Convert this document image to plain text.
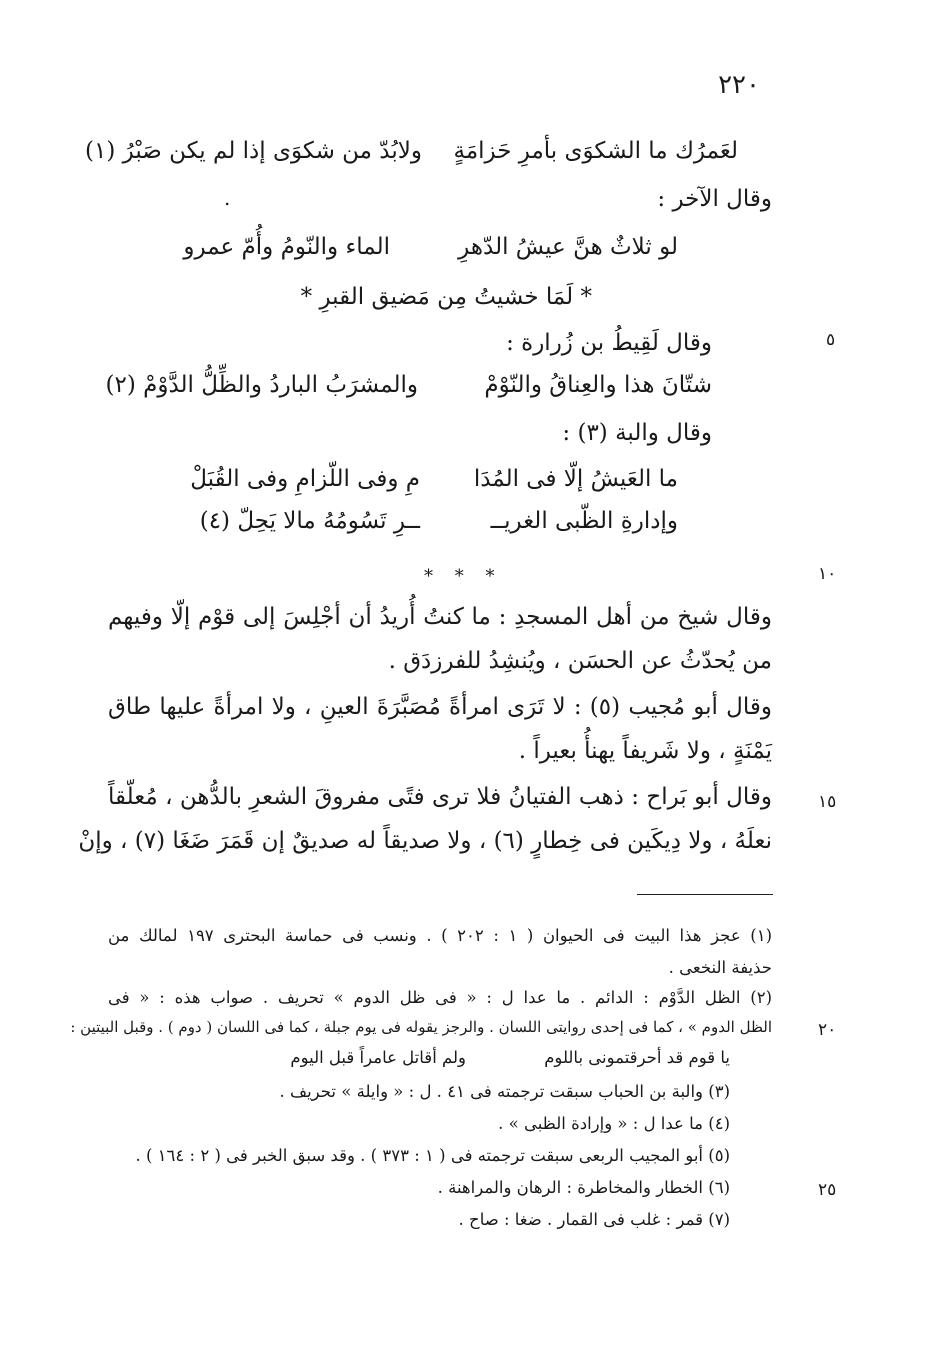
٢٢٠
٥
١٠
١٥
٢٠
٢٥
لعَمرُك ما الشكوَى بأمرِ حَزامَةٍ
ولابُدّ من شكوَى إذا لم يكن صَبْرُ (١)
.	وقال الآخر :
لو ثلاثٌ هنَّ عيشُ الدّهرِ
الماء والنّومُ وأُمّ عمرو
* لَمَا خشيتُ مِن مَضيق القبرِ *
وقال لَقِيطُ بن زُرارة :
شتّانَ هذا والعِناقُ والنّوْمْ
والمشرَبُ الباردُ والظِّلُّ الدَّوْمْ (٢)
وقال والبة (٣) :
ما العَيشُ إلّا فى المُدَا
مِ وفى اللّزامِ وفى القُبَلْ
وإدارةِ الظّبى الغريــ
ــرِ تَسُومُهُ مالا يَحِلّ (٤)
* * *
وقال شيخ من أهل المسجدِ : ما كنتُ أُريدُ أن أجْلِسَ إلى قوْم إلّا وفيهم
من يُحدّثُ عن الحسَن ، ويُنشِدُ للفرزدَق .
وقال أبو مُجيب (٥) : لا تَرَى امرأةً مُصَبَّرَةَ العينِ ، ولا امرأةً عليها طاق
يَمْنَةٍ ، ولا شَريفاً يهنأُ بعيراً .
وقال أبو بَراح : ذهب الفتيانُ فلا ترى فتًى مفروقَ الشعرِ بالدُّهن ، مُعلّقاً
نعلَهُ ، ولا دِيكَين فى خِطارٍ (٦) ، ولا صديقاً له صديقٌ إن قَمَرَ ضَغَا (٧) ، وإنْ
(١) عجز هذا البيت فى الحيوان ( ١ : ٢٠٢ ) . ونسب فى حماسة البحترى ١٩٧ لمالك من
حذيفة النخعى .
(٢) الظل الدَّوْم : الدائم . ما عدا ل : « فى ظل الدوم » تحريف . صواب هذه : « فى
الظل الدوم » ، كما فى إحدى روايتى اللسان . والرجز يقوله فى يوم جبلة ، كما فى اللسان ( دوم ) . وقبل البيتين :
يا قوم قد أحرقتمونى باللوم
ولم أقاتل عامراً قبل اليوم
(٣) والبة بن الحباب سبقت ترجمته فى ٤١ . ل : « وايلة » تحريف .
(٤) ما عدا ل : « وإرادة الظبى » .
(٥) أبو المجيب الربعى سبقت ترجمته فى ( ١ : ٣٧٣ ) . وقد سبق الخبر فى ( ٢ : ١٦٤ ) .
(٦) الخطار والمخاطرة : الرهان والمراهنة .
(٧) قمر : غلب فى القمار . ضغا : صاح .
